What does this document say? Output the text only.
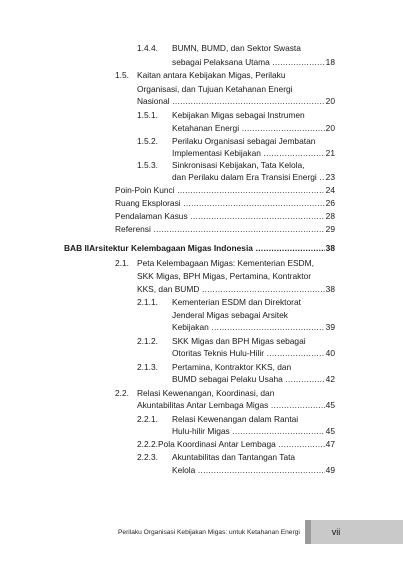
1.4.4.	BUMN, BUMD, dan Sektor Swasta
sebagai Pelaksana Utama .....	18
1.5. Kaitan antara Kebijakan Migas, Perilaku
Organisasi, dan Tujuan Ketahanan Energi
Nasional .....	20
1.5.1.	Kebijakan Migas sebagai Instrumen
Ketahanan Energi .....	20
1.5.2.	Perilaku Organisasi sebagai Jembatan
Implementasi Kebijakan .....	21
1.5.3.	Sinkronisasi Kebijakan, Tata Kelola,
dan Perilaku dalam Era Transisi Energi .....	23
Poin-Poin Kunci .....	24
Ruang Eksplorasi .....	26
Pendalaman Kasus .....	28
Referensi .....	29
BAB II Arsitektur Kelembagaan Migas Indonesia .....	38
2.1. Peta Kelembagaan Migas: Kementerian ESDM,
SKK Migas, BPH Migas, Pertamina, Kontraktor
KKS, dan BUMD .....	38
2.1.1.	Kementerian ESDM dan Direktorat
Jenderal Migas sebagai Arsitek
Kebijakan .....	39
2.1.2.	SKK Migas dan BPH Migas sebagai
Otoritas Teknis Hulu-Hilir .....	40
2.1.3.	Pertamina, Kontraktor KKS, dan
BUMD sebagai Pelaku Usaha .....	42
2.2. Relasi Kewenangan, Koordinasi, dan
Akuntabilitas Antar Lembaga Migas .....	45
2.2.1.	Relasi Kewenangan dalam Rantai
Hulu-hilir Migas .....	45
2.2.2. Pola Koordinasi Antar Lembaga .....	47
2.2.3.	Akuntabilitas dan Tantangan Tata
Kelola .....	49
Perilaku Organisasi Kebijakan Migas: untuk Ketahanan Energi	vii
